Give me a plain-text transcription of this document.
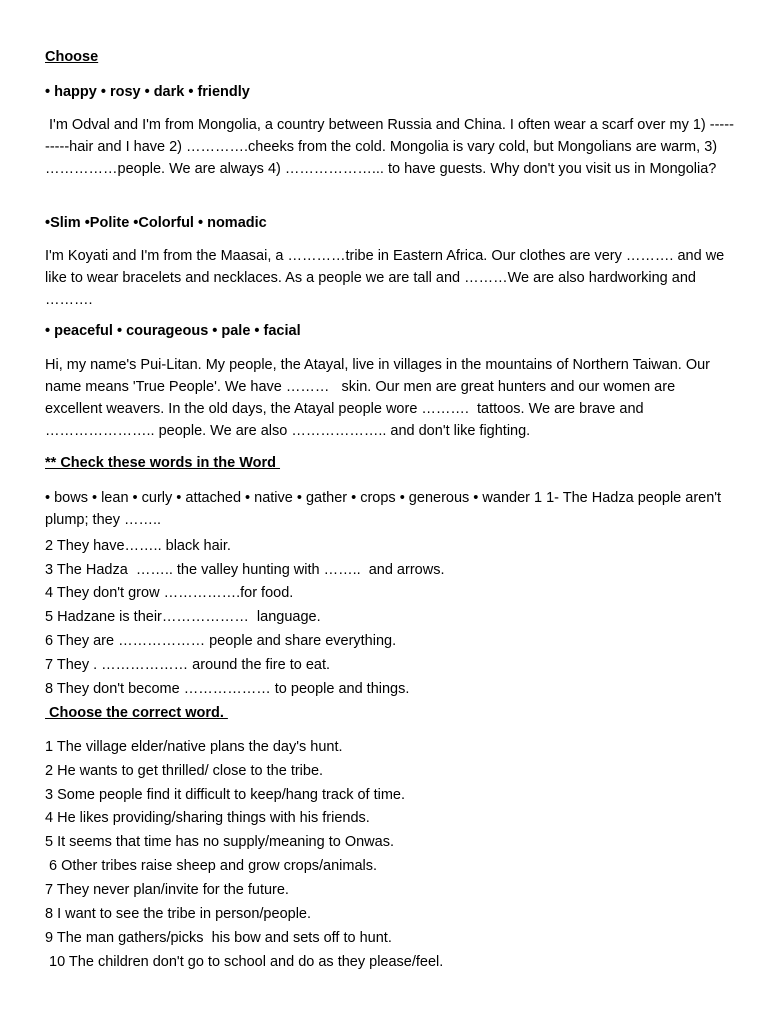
Choose
• happy • rosy • dark • friendly

I'm Odval and I'm from Mongolia, a country between Russia and China. I often wear a scarf over my 1) ----------hair and I have 2) ………….cheeks from the cold. Mongolia is vary cold, but Mongolians are warm, 3) ……………people. We are always 4) ………………... to have guests. Why don't you visit us in Mongolia?

•Slim •Polite •Colorful • nomadic

I'm Koyati and I'm from the Maasai, a …………tribe in Eastern Africa. Our clothes are very ………. and we like to wear bracelets and necklaces. As a people we are tall and ………We are also hardworking and ……….

• peaceful • courageous • pale • facial

Hi, my name's Pui-Litan. My people, the Atayal, live in villages in the mountains of Northern Taiwan. Our name means 'True People'. We have ………   skin. Our men are great hunters and our women are excellent weavers. In the old days, the Atayal people wore ……….  tattoos. We are brave and ………………….. people. We are also ……………….. and don't like fighting.

** Check these words in the Word

• bows • lean • curly • attached • native • gather • crops • generous • wander 1 1- The Hadza people aren't plump; they ……..

2 They have…….. black hair.
3 The Hadza  …….. the valley hunting with ……..  and arrows.
4 They don't grow …………….for food.
5 Hadzane is their………………  language.
6 They are ……………… people and share everything.
7 They . ……………… around the fire to eat.
8 They don't become ……………… to people and things.
Choose the correct word.
1 The village elder/native plans the day's hunt.
2 He wants to get thrilled/ close to the tribe.
3 Some people find it difficult to keep/hang track of time.
4 He likes providing/sharing things with his friends.
5 It seems that time has no supply/meaning to Onwas.
6 Other tribes raise sheep and grow crops/animals.
7 They never plan/invite for the future.
8 I want to see the tribe in person/people.
9 The man gathers/picks  his bow and sets off to hunt.
10 The children don't go to school and do as they please/feel.
